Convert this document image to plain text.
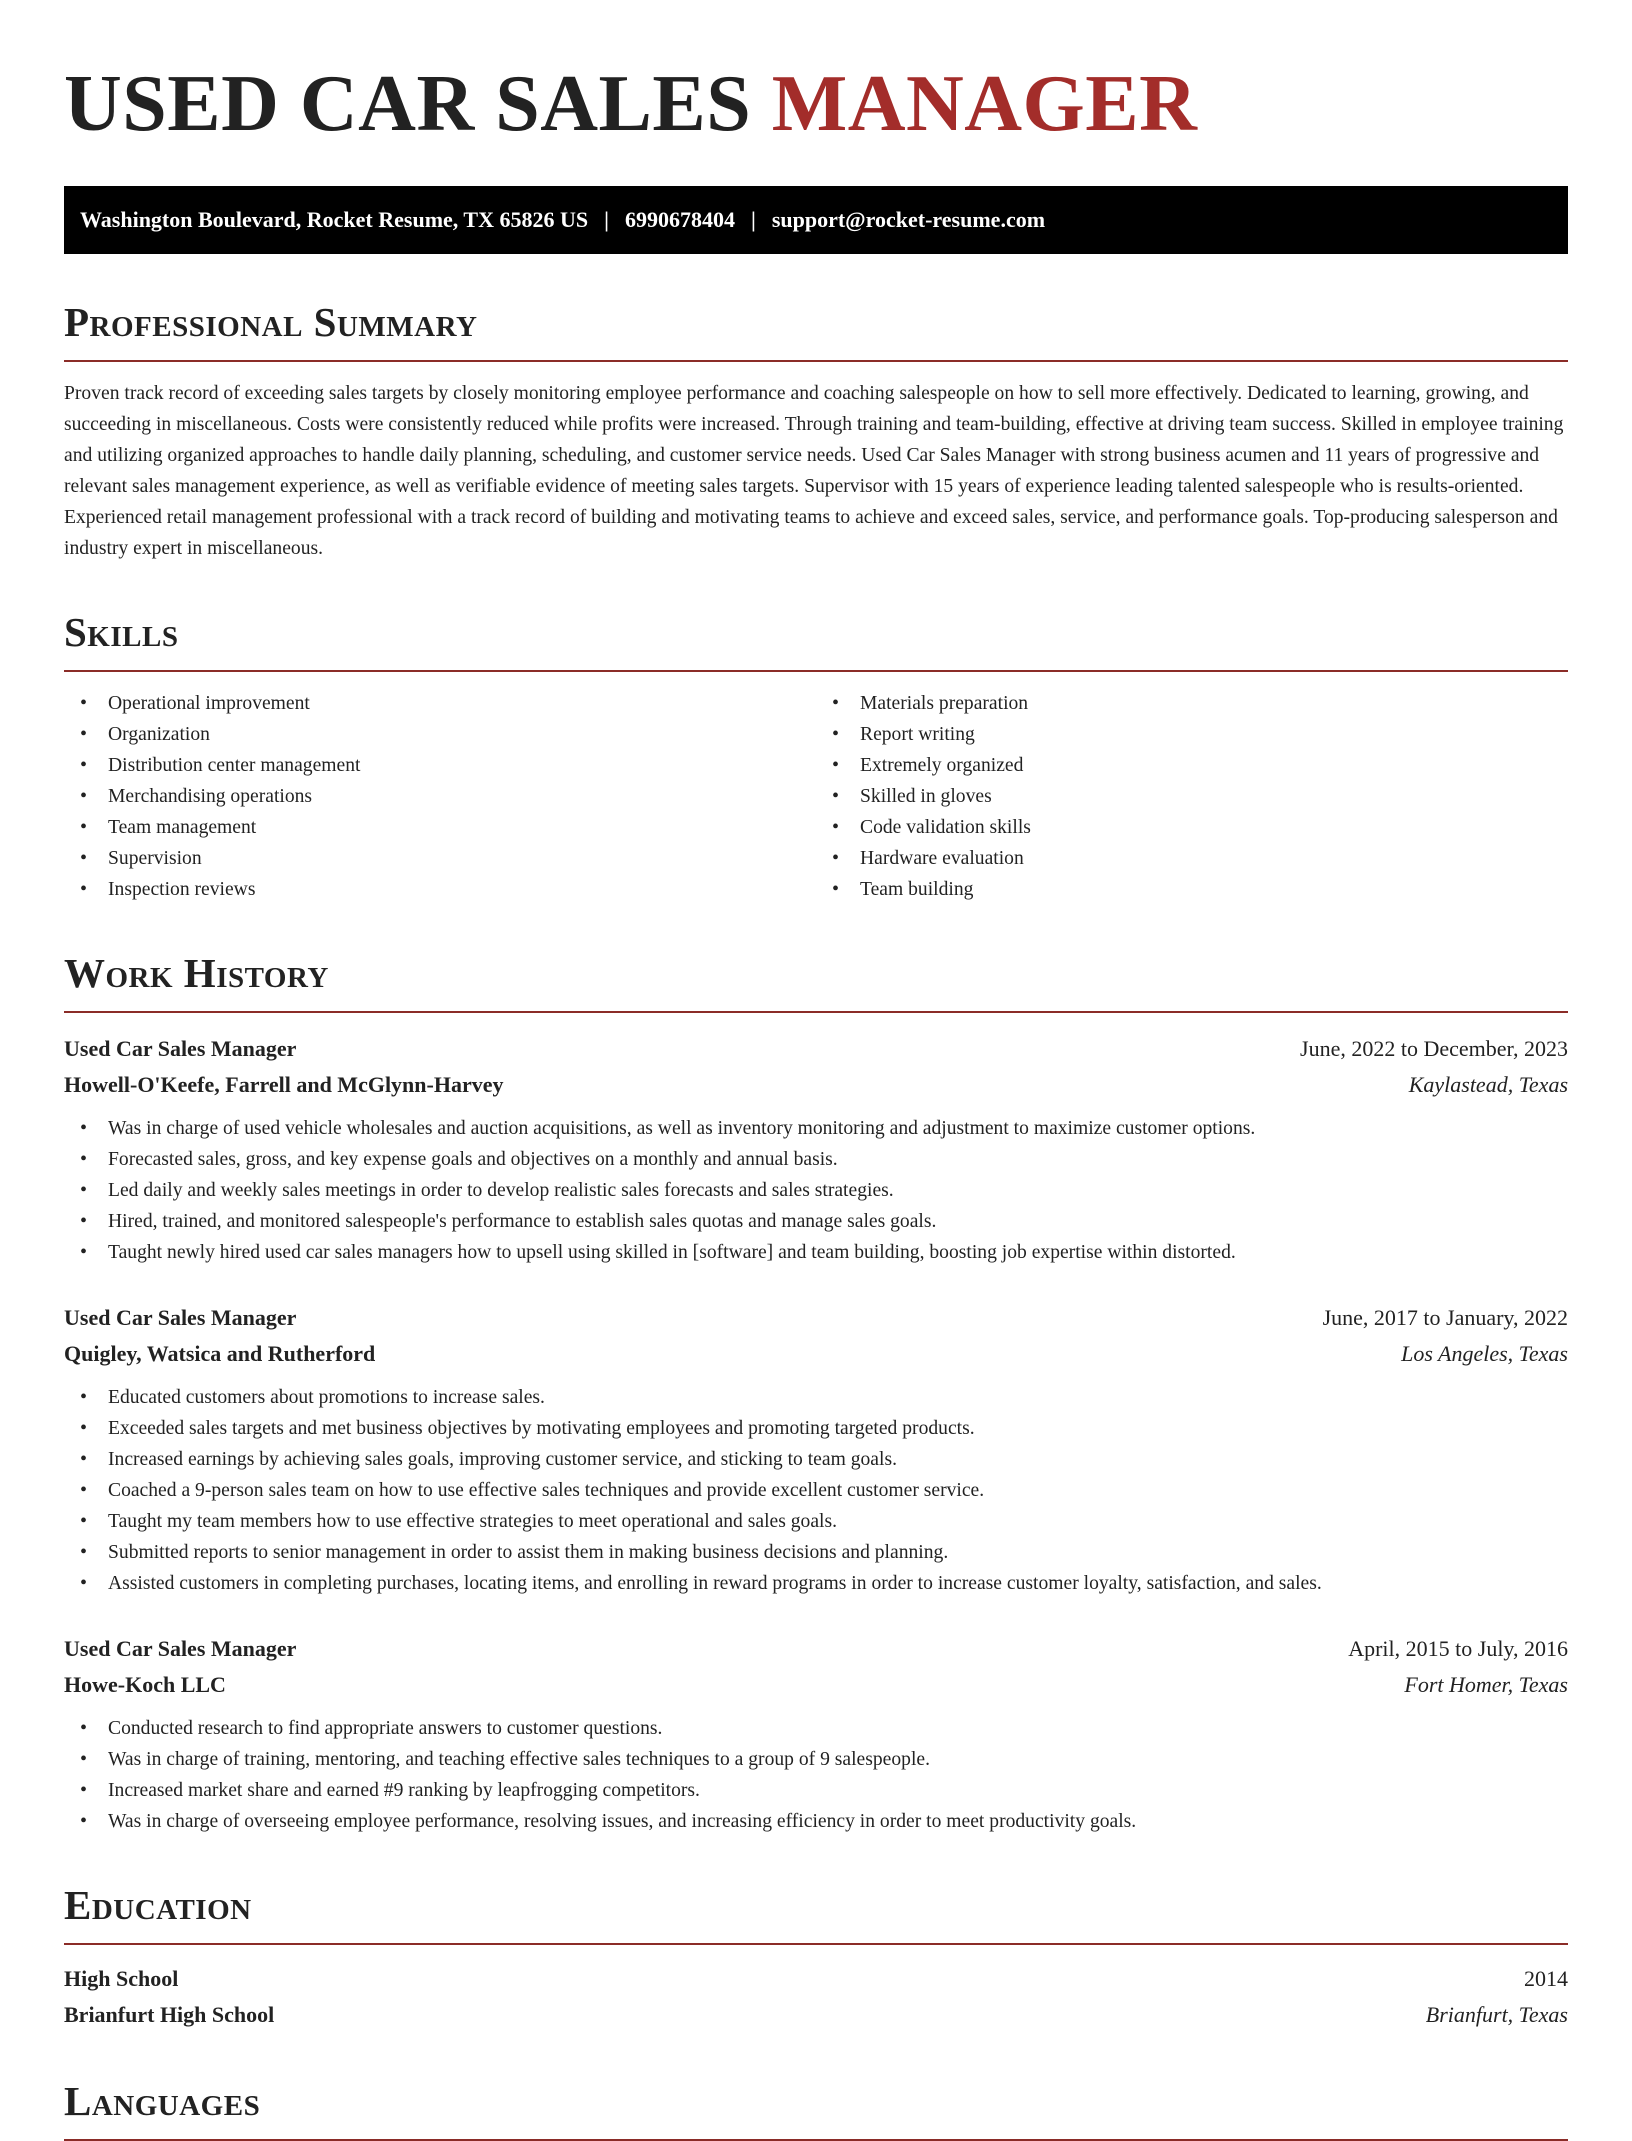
USED CAR SALES MANAGER
Washington Boulevard, Rocket Resume, TX 65826 US | 6990678404 | support@rocket-resume.com
Professional Summary

Proven track record of exceeding sales targets by closely monitoring employee performance and coaching salespeople on how to sell more effectively. Dedicated to learning, growing, and succeeding in miscellaneous. Costs were consistently reduced while profits were increased. Through training and team-building, effective at driving team success. Skilled in employee training and utilizing organized approaches to handle daily planning, scheduling, and customer service needs. Used Car Sales Manager with strong business acumen and 11 years of progressive and relevant sales management experience, as well as verifiable evidence of meeting sales targets. Supervisor with 15 years of experience leading talented salespeople who is results-oriented. Experienced retail management professional with a track record of building and motivating teams to achieve and exceed sales, service, and performance goals. Top-producing salesperson and industry expert in miscellaneous.

Skills
• Operational improvement
• Organization
• Distribution center management
• Merchandising operations
• Team management
• Supervision
• Inspection reviews
• Materials preparation
• Report writing
• Extremely organized
• Skilled in gloves
• Code validation skills
• Hardware evaluation
• Team building
Work History
Used Car Sales Manager	June, 2022 to December, 2023
Howell-O'Keefe, Farrell and McGlynn-Harvey	Kaylastead, Texas
• Was in charge of used vehicle wholesales and auction acquisitions, as well as inventory monitoring and adjustment to maximize customer options.
• Forecasted sales, gross, and key expense goals and objectives on a monthly and annual basis.
• Led daily and weekly sales meetings in order to develop realistic sales forecasts and sales strategies.
• Hired, trained, and monitored salespeople's performance to establish sales quotas and manage sales goals.
• Taught newly hired used car sales managers how to upsell using skilled in [software] and team building, boosting job expertise within distorted.
Used Car Sales Manager	June, 2017 to January, 2022
Quigley, Watsica and Rutherford	Los Angeles, Texas
• Educated customers about promotions to increase sales.
• Exceeded sales targets and met business objectives by motivating employees and promoting targeted products.
• Increased earnings by achieving sales goals, improving customer service, and sticking to team goals.
• Coached a 9-person sales team on how to use effective sales techniques and provide excellent customer service.
• Taught my team members how to use effective strategies to meet operational and sales goals.
• Submitted reports to senior management in order to assist them in making business decisions and planning.
• Assisted customers in completing purchases, locating items, and enrolling in reward programs in order to increase customer loyalty, satisfaction, and sales.
Used Car Sales Manager	April, 2015 to July, 2016
Howe-Koch LLC	Fort Homer, Texas
• Conducted research to find appropriate answers to customer questions.
• Was in charge of training, mentoring, and teaching effective sales techniques to a group of 9 salespeople.
• Increased market share and earned #9 ranking by leapfrogging competitors.
• Was in charge of overseeing employee performance, resolving issues, and increasing efficiency in order to meet productivity goals.
Education
High School	2014
Brianfurt High School	Brianfurt, Texas
Languages
